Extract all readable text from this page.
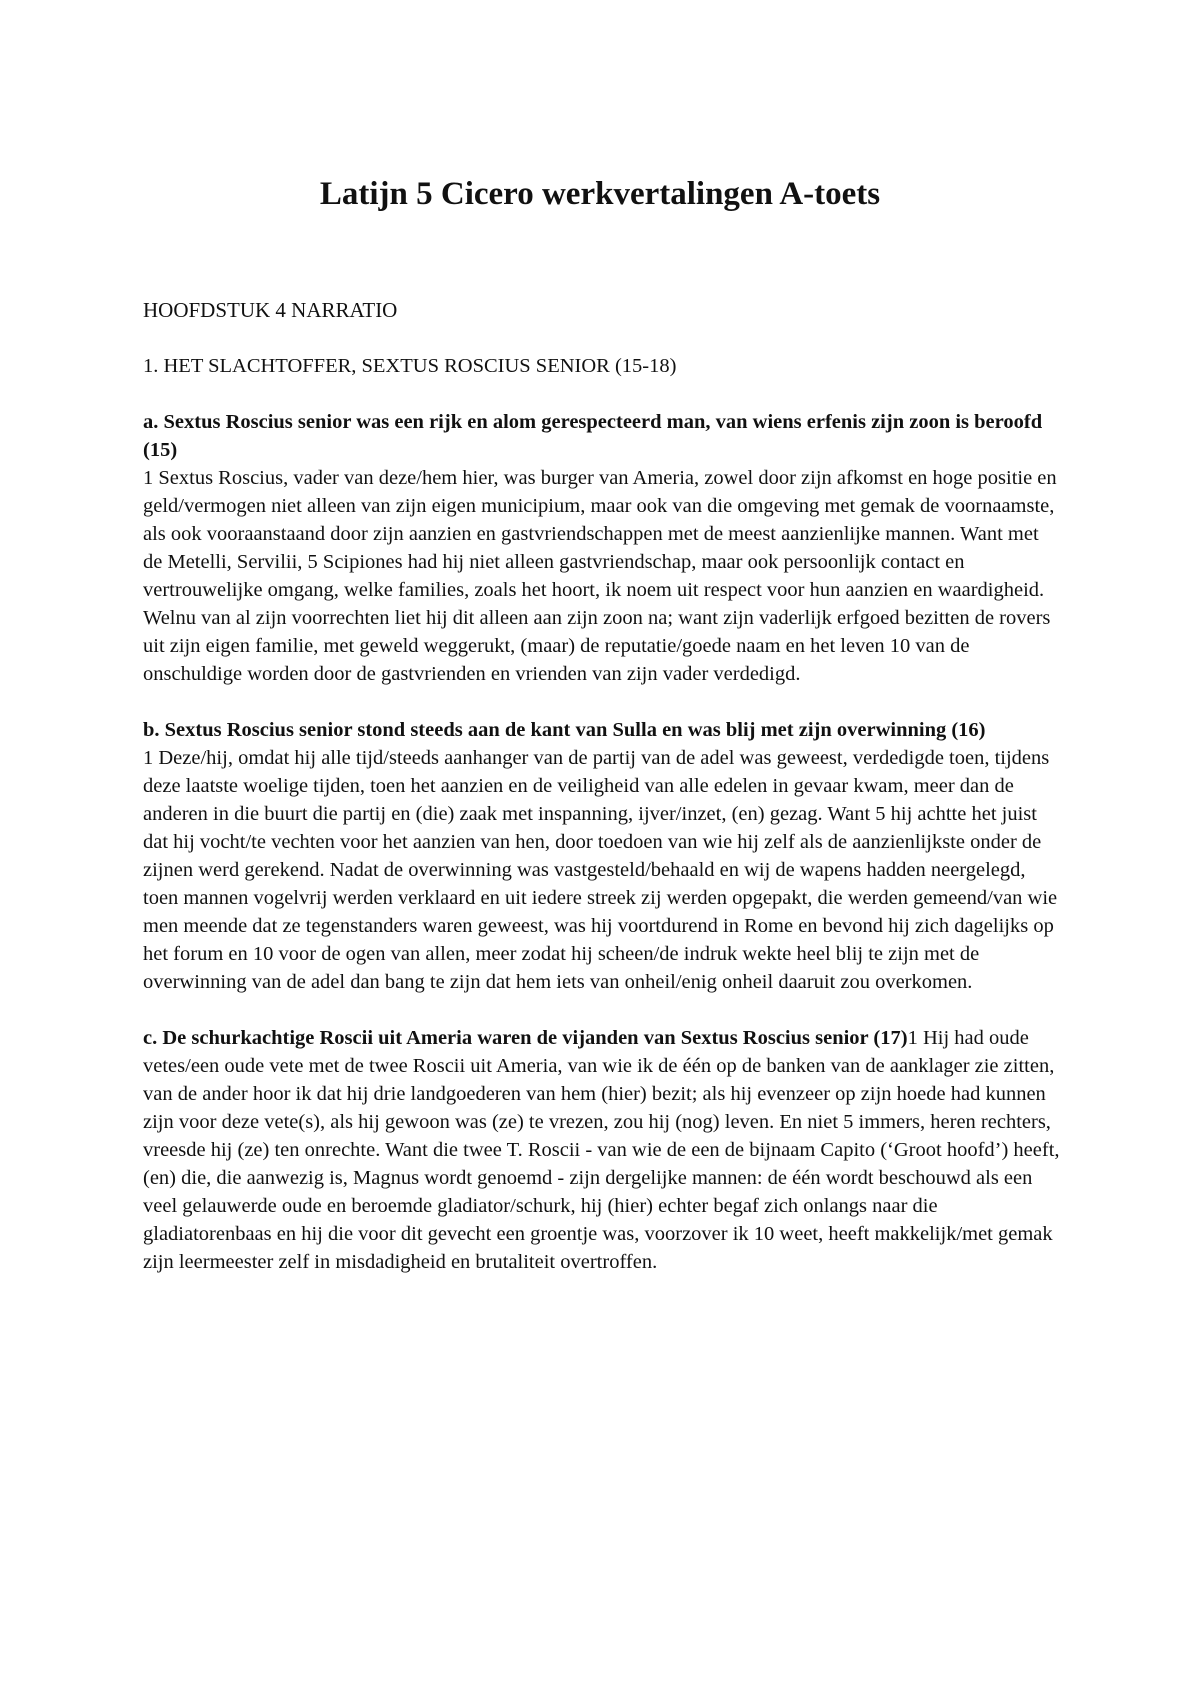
Latijn 5 Cicero werkvertalingen A-toets
HOOFDSTUK 4 NARRATIO
1. HET SLACHTOFFER, SEXTUS ROSCIUS SENIOR (15-18)

a. Sextus Roscius senior was een rijk en alom gerespecteerd man, van wiens erfenis zijn zoon is beroofd (15)

1 Sextus Roscius, vader van deze/hem hier, was burger van Ameria, zowel door zijn afkomst en hoge positie en geld/vermogen niet alleen van zijn eigen municipium, maar ook van die omgeving met gemak de voornaamste, als ook vooraanstaand door zijn aanzien en gastvriendschappen met de meest aanzienlijke mannen. Want met de Metelli, Servilii, 5 Scipiones had hij niet alleen gastvriendschap, maar ook persoonlijk contact en vertrouwelijke omgang, welke families, zoals het hoort, ik noem uit respect voor hun aanzien en waardigheid. Welnu van al zijn voorrechten liet hij dit alleen aan zijn zoon na; want zijn vaderlijk erfgoed bezitten de rovers uit zijn eigen familie, met geweld weggerukt, (maar) de reputatie/goede naam en het leven 10 van de onschuldige worden door de gastvrienden en vrienden van zijn vader verdedigd.

b. Sextus Roscius senior stond steeds aan de kant van Sulla en was blij met zijn overwinning (16)

1 Deze/hij, omdat hij alle tijd/steeds aanhanger van de partij van de adel was geweest, verdedigde toen, tijdens deze laatste woelige tijden, toen het aanzien en de veiligheid van alle edelen in gevaar kwam, meer dan de anderen in die buurt die partij en (die) zaak met inspanning, ijver/inzet, (en) gezag. Want 5 hij achtte het juist dat hij vocht/te vechten voor het aanzien van hen, door toedoen van wie hij zelf als de aanzienlijkste onder de zijnen werd gerekend. Nadat de overwinning was vastgesteld/behaald en wij de wapens hadden neergelegd, toen mannen vogelvrij werden verklaard en uit iedere streek zij werden opgepakt, die werden gemeend/van wie men meende dat ze tegenstanders waren geweest, was hij voortdurend in Rome en bevond hij zich dagelijks op het forum en 10 voor de ogen van allen, meer zodat hij scheen/de indruk wekte heel blij te zijn met de overwinning van de adel dan bang te zijn dat hem iets van onheil/enig onheil daaruit zou overkomen.

c. De schurkachtige Roscii uit Ameria waren de vijanden van Sextus Roscius senior (17)1 Hij had oude vetes/een oude vete met de twee Roscii uit Ameria, van wie ik de één op de banken van de aanklager zie zitten, van de ander hoor ik dat hij drie landgoederen van hem (hier) bezit; als hij evenzeer op zijn hoede had kunnen zijn voor deze vete(s), als hij gewoon was (ze) te vrezen, zou hij (nog) leven. En niet 5 immers, heren rechters, vreesde hij (ze) ten onrechte. Want die twee T. Roscii - van wie de een de bijnaam Capito (‘Groot hoofd’) heeft, (en) die, die aanwezig is, Magnus wordt genoemd - zijn dergelijke mannen: de één wordt beschouwd als een veel gelauwerde oude en beroemde gladiator/schurk, hij (hier) echter begaf zich onlangs naar die gladiatorenbaas en hij die voor dit gevecht een groentje was, voorzover ik 10 weet, heeft makkelijk/met gemak zijn leermeester zelf in misdadigheid en brutaliteit overtroffen.
